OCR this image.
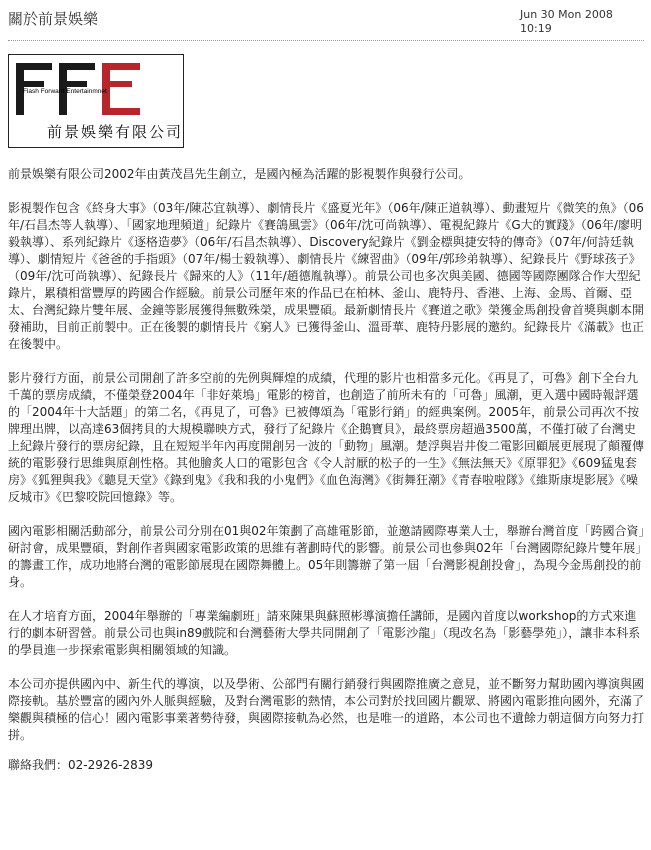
關於前景娛樂	Jun 30 Mon 2008
10:19
Flash Forward Entertainmnet
前景娛樂有限公司

前景娛樂有限公司2002年由黃茂昌先生創立，是國內極為活躍的影視製作與發行公司。

影視製作包含《終身大事》（03年/陳芯宜執導）、劇情長片《盛夏光年》（06年/陳正道執導）、動畫短片《微笑的魚》（06年/石昌杰等人執導）、「國家地理頻道」紀錄片《賽鴿風雲》（06年/沈可尚執導）、電視紀錄片《G大的實踐》（06年/廖明毅執導）、系列紀錄片《逐格造夢》（06年/石昌杰執導）、Discovery紀錄片《劉金標與捷安特的傳奇》（07年/何詩廷執導）、劇情短片《爸爸的手指頭》（07年/楊士毅執導）、劇情長片《練習曲》（09年/郭珍弟執導）、紀錄長片《野球孩子》（09年/沈可尚執導）、紀錄長片《歸來的人》（11年/趙德胤執導）。前景公司也多次與美國、德國等國際團隊合作大型紀錄片，累積相當豐厚的跨國合作經驗。前景公司歷年來的作品已在柏林、釜山、鹿特丹、香港、上海、金馬、首爾、亞太、台灣紀錄片雙年展、金鐘等影展獲得無數殊榮，成果豐碩。最新劇情長片《賽道之歌》榮獲金馬創投會首獎與劇本開發補助，目前正前製中。正在後製的劇情長片《窮人》已獲得釜山、溫哥華、鹿特丹影展的邀約。紀錄長片《滿載》也正在後製中。

影片發行方面，前景公司開創了許多空前的先例與輝煌的成績，代理的影片也相當多元化。《再見了，可魯》創下全台九千萬的票房成績，不僅榮登2004年「非好萊塢」電影的榜首，也創造了前所未有的「可魯」風潮，更入選中國時報評選的「2004年十大話題」的第二名，《再見了，可魯》已被傳頌為「電影行銷」的經典案例。2005年，前景公司再次不按牌理出牌，以高達63個拷貝的大規模聯映方式，發行了紀錄片《企鵝寶貝》，最終票房超過3500萬，不僅打破了台灣史上紀錄片發行的票房紀錄，且在短短半年內再度開創另一波的「動物」風潮。楚浮與岩井俊二電影回顧展更展現了顛覆傳統的電影發行思維與原創性格。其他膾炙人口的電影包含《令人討厭的松子的一生》《無法無天》《原罪犯》《609猛鬼套房》《狐狸與我》《聽見天堂》《錄到鬼》《我和我的小鬼們》《血色海灣》《街舞狂潮》《青春啦啦隊》《維斯康堤影展》《噪反城市》《巴黎咬院回憶錄》等。

國內電影相關活動部分，前景公司分別在01與02年策劃了高雄電影節，並邀請國際專業人士，舉辦台灣首度「跨國合資」研討會，成果豐碩，對創作者與國家電影政策的思維有著劃時代的影響。前景公司也參與02年「台灣國際紀錄片雙年展」的籌畫工作，成功地將台灣的電影節展現在國際舞體上。05年則籌辦了第一屆「台灣影視創投會」，為現今金馬創投的前身。

在人才培育方面，2004年舉辦的「專業編劇班」請來陳果與蘇照彬導演擔任講師，是國內首度以workshop的方式來進行的劇本研習營。前景公司也與in89戲院和台灣藝術大學共同開創了「電影沙龍」（現改名為「影藝學苑」），讓非本科系的學員進一步探索電影與相關領域的知識。

本公司亦提供國內中、新生代的導演，以及學術、公部門有關行銷發行與國際推廣之意見，並不斷努力幫助國內導演與國際接軌。基於豐富的國內外人脈與經驗，及對台灣電影的熱情，本公司對於找回國片觀眾、將國內電影推向國外，充滿了樂觀與積極的信心！國內電影事業著勢待發，與國際接軌為必然，也是唯一的道路，本公司也不遺餘力朝這個方向努力打拼。

聯絡我們：02-2926-2839
